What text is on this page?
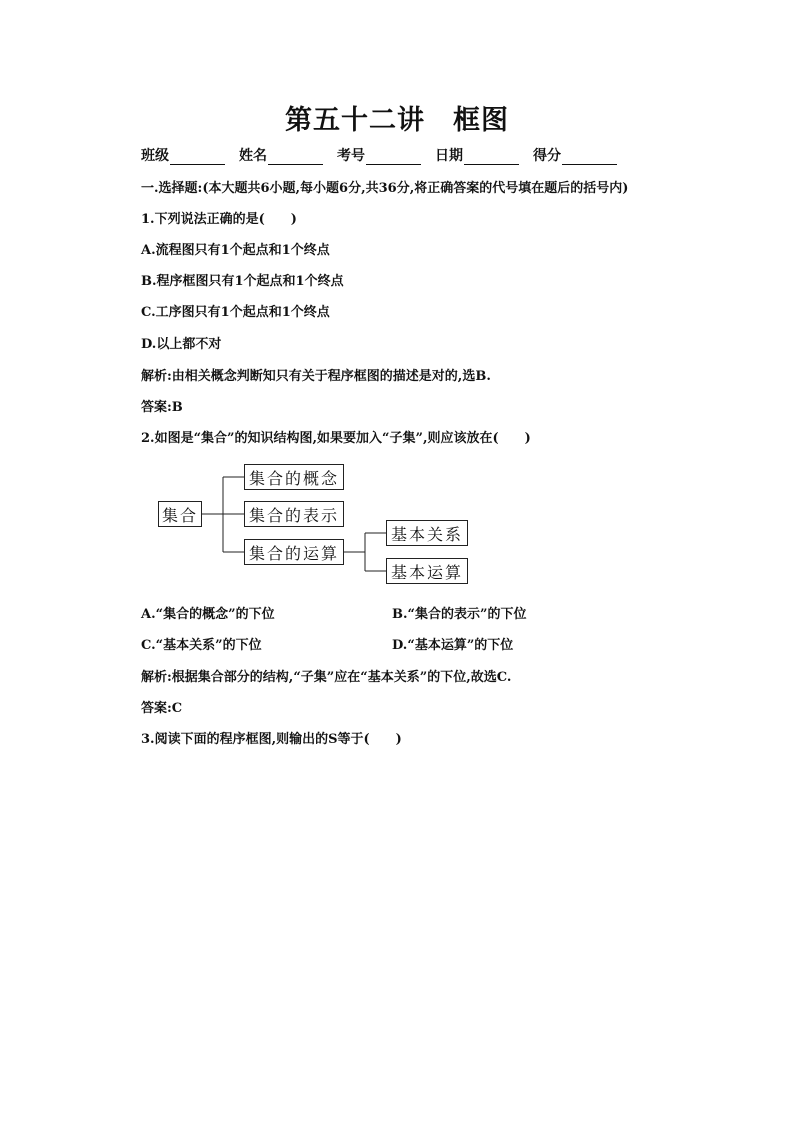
第五十二讲 框图
班级	姓名	考号	日期	得分
一.选择题:(本大题共6小题,每小题6分,共36分,将正确答案的代号填在题后的括号内)
1.下列说法正确的是(　　)
A.流程图只有1个起点和1个终点
B.程序框图只有1个起点和1个终点
C.工序图只有1个起点和1个终点
D.以上都不对
解析:由相关概念判断知只有关于程序框图的描述是对的,选B.
答案:B
2.如图是“集合”的知识结构图,如果要加入“子集”,则应该放在(　　)
集合
集合的概念
集合的表示
集合的运算
基本关系
基本运算
A.“集合的概念”的下位	B.“集合的表示”的下位
C.“基本关系”的下位	D.“基本运算”的下位
解析:根据集合部分的结构,“子集”应在“基本关系”的下位,故选C.
答案:C
3.阅读下面的程序框图,则输出的S等于(　　)
